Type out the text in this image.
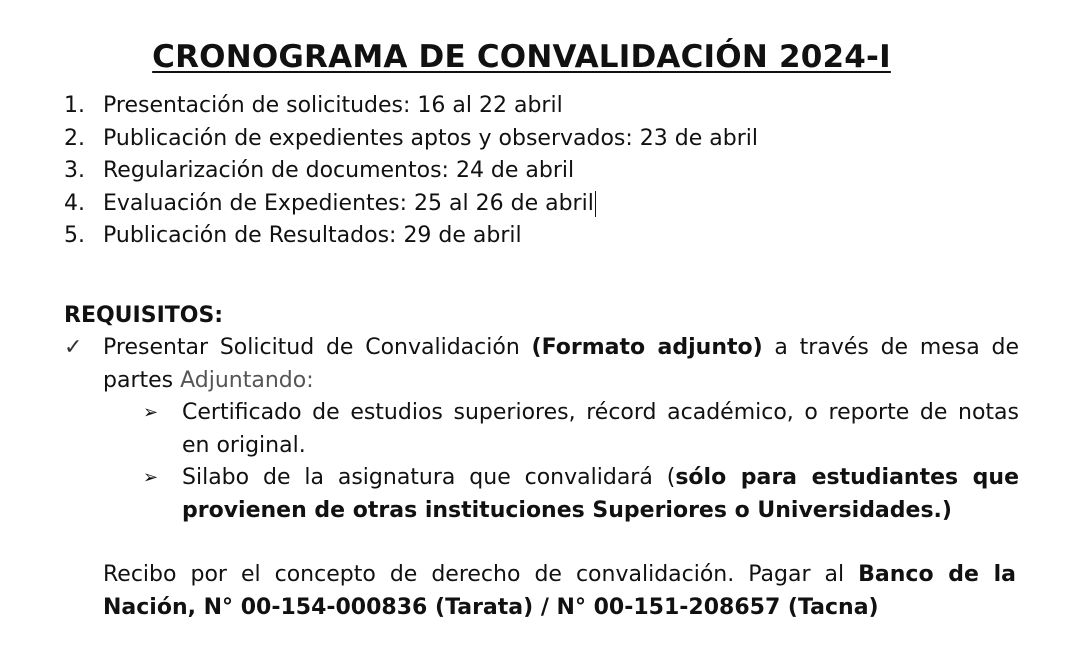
CRONOGRAMA DE CONVALIDACIÓN 2024-I
1. Presentación de solicitudes: 16 al 22 abril
2. Publicación de expedientes aptos y observados: 23 de abril
3. Regularización de documentos: 24 de abril
4. Evaluación de Expedientes: 25 al 26 de abril
5. Publicación de Resultados: 29 de abril
REQUISITOS:
✓ Presentar Solicitud de Convalidación (Formato adjunto) a través de mesa de partes Adjuntando:
➢ Certificado de estudios superiores, récord académico, o reporte de notas en original.
➢ Silabo de la asignatura que convalidará (sólo para estudiantes que provienen de otras instituciones Superiores o Universidades.)

Recibo por el concepto de derecho de convalidación. Pagar al Banco de la Nación, N° 00-154-000836 (Tarata) / N° 00-151-208657 (Tacna)
